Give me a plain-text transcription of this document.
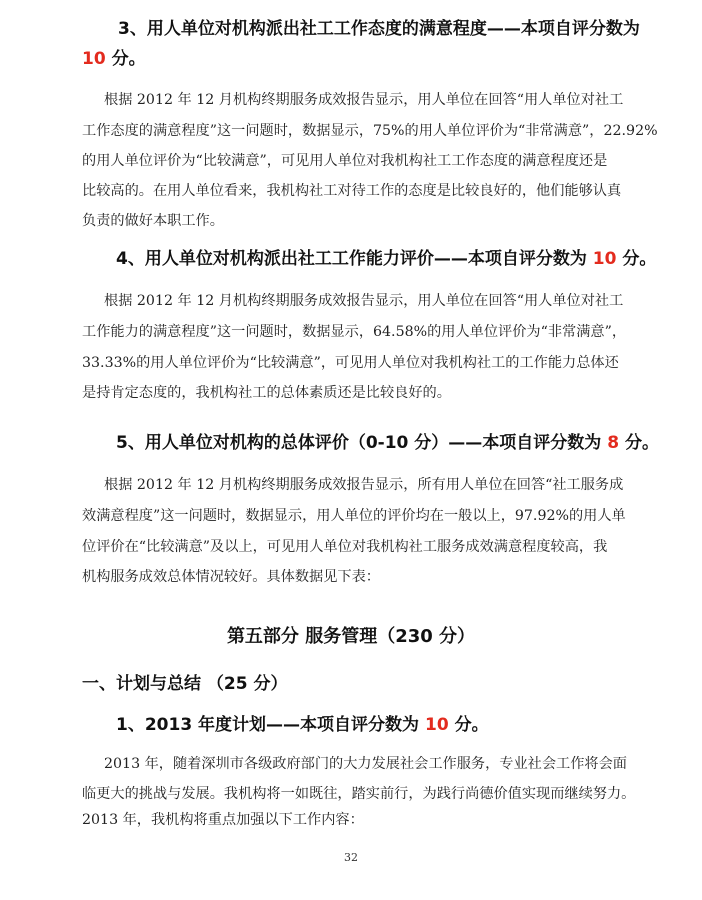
3、用人单位对机构派出社工工作态度的满意程度——本项自评分数为
10 分。
根据 2012 年 12 月机构终期服务成效报告显示，用人单位在回答“用人单位对社工
工作态度的满意程度”这一问题时，数据显示，75%的用人单位评价为“非常满意”，22.92%
的用人单位评价为“比较满意”，可见用人单位对我机构社工工作态度的满意程度还是
比较高的。在用人单位看来，我机构社工对待工作的态度是比较良好的，他们能够认真
负责的做好本职工作。
4、用人单位对机构派出社工工作能力评价——本项自评分数为 10 分。
根据 2012 年 12 月机构终期服务成效报告显示，用人单位在回答“用人单位对社工
工作能力的满意程度”这一问题时，数据显示，64.58%的用人单位评价为“非常满意”，
33.33%的用人单位评价为“比较满意”，可见用人单位对我机构社工的工作能力总体还
是持肯定态度的，我机构社工的总体素质还是比较良好的。
5、用人单位对机构的总体评价（0-10 分）——本项自评分数为 8 分。
根据 2012 年 12 月机构终期服务成效报告显示，所有用人单位在回答“社工服务成
效满意程度”这一问题时，数据显示，用人单位的评价均在一般以上，97.92%的用人单
位评价在“比较满意”及以上，可见用人单位对我机构社工服务成效满意程度较高，我
机构服务成效总体情况较好。具体数据见下表：
第五部分 服务管理（230 分）
一、计划与总结 （25 分）
1、2013 年度计划——本项自评分数为 10 分。
2013 年，随着深圳市各级政府部门的大力发展社会工作服务，专业社会工作将会面
临更大的挑战与发展。我机构将一如既往，踏实前行，为践行尚德价值实现而继续努力。
2013 年，我机构将重点加强以下工作内容：
32
